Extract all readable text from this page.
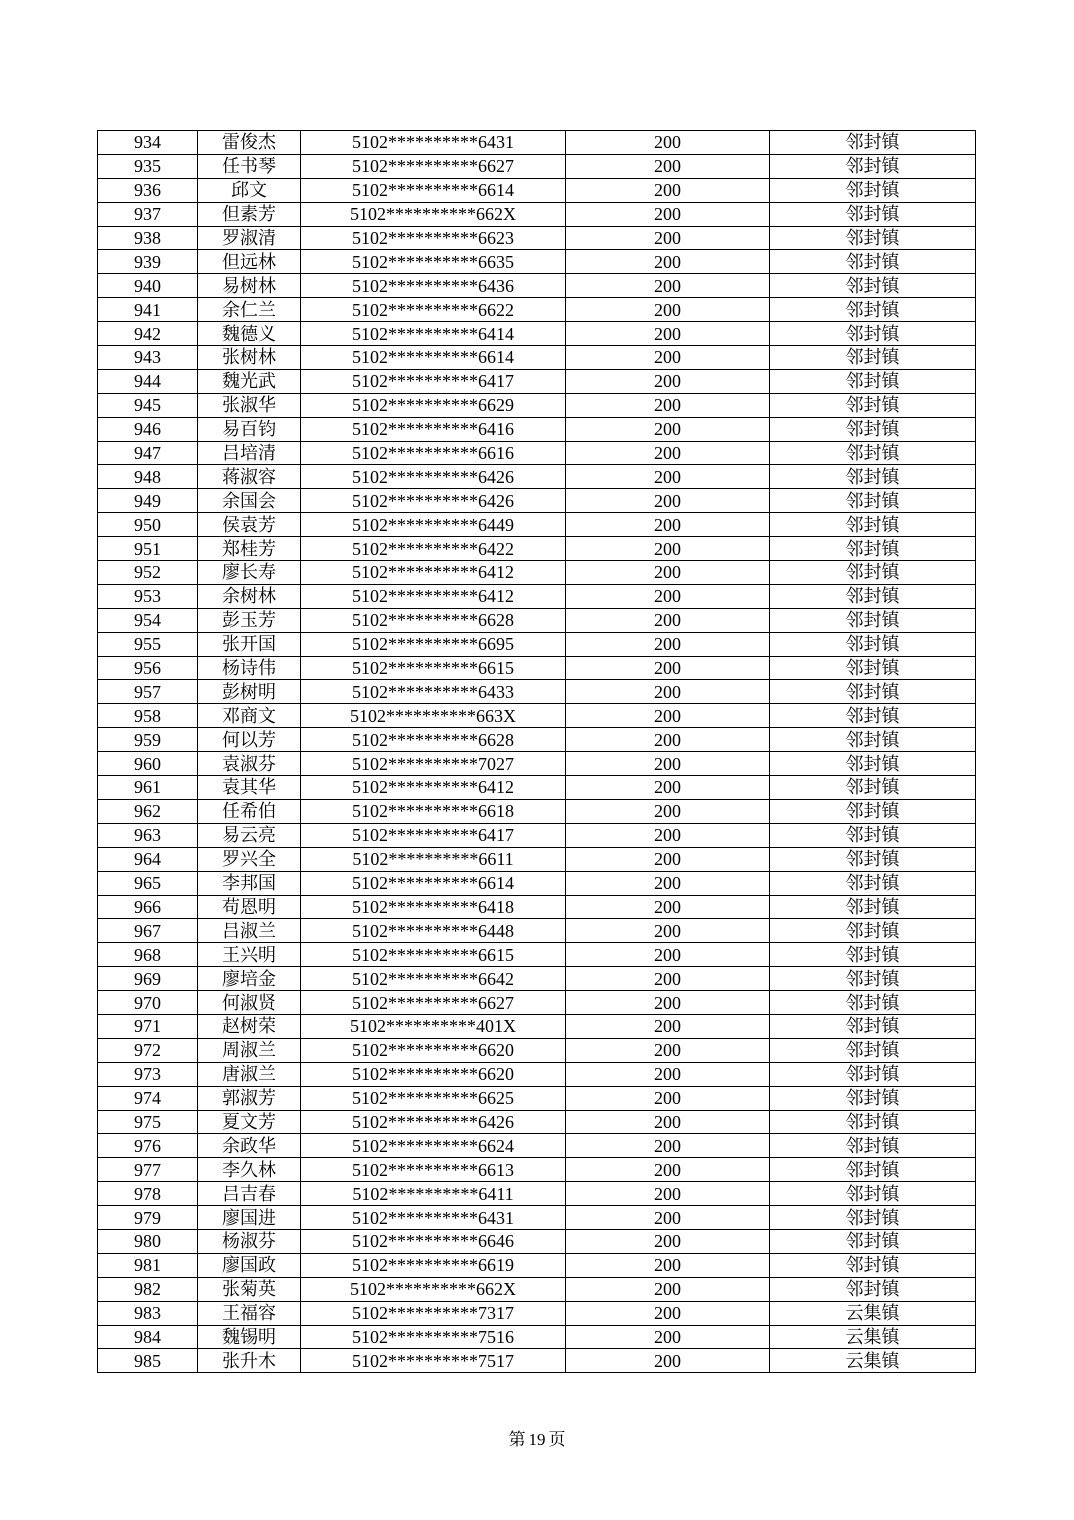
934	雷俊杰	5102**********6431	200	邻封镇
935	任书琴	5102**********6627	200	邻封镇
936	邱文	5102**********6614	200	邻封镇
937	但素芳	5102**********662X	200	邻封镇
938	罗淑清	5102**********6623	200	邻封镇
939	但远林	5102**********6635	200	邻封镇
940	易树林	5102**********6436	200	邻封镇
941	余仁兰	5102**********6622	200	邻封镇
942	魏德义	5102**********6414	200	邻封镇
943	张树林	5102**********6614	200	邻封镇
944	魏光武	5102**********6417	200	邻封镇
945	张淑华	5102**********6629	200	邻封镇
946	易百钧	5102**********6416	200	邻封镇
947	吕培清	5102**********6616	200	邻封镇
948	蒋淑容	5102**********6426	200	邻封镇
949	余国会	5102**********6426	200	邻封镇
950	侯袁芳	5102**********6449	200	邻封镇
951	郑桂芳	5102**********6422	200	邻封镇
952	廖长寿	5102**********6412	200	邻封镇
953	余树林	5102**********6412	200	邻封镇
954	彭玉芳	5102**********6628	200	邻封镇
955	张开国	5102**********6695	200	邻封镇
956	杨诗伟	5102**********6615	200	邻封镇
957	彭树明	5102**********6433	200	邻封镇
958	邓商文	5102**********663X	200	邻封镇
959	何以芳	5102**********6628	200	邻封镇
960	袁淑芬	5102**********7027	200	邻封镇
961	袁其华	5102**********6412	200	邻封镇
962	任希伯	5102**********6618	200	邻封镇
963	易云亮	5102**********6417	200	邻封镇
964	罗兴全	5102**********6611	200	邻封镇
965	李邦国	5102**********6614	200	邻封镇
966	苟恩明	5102**********6418	200	邻封镇
967	吕淑兰	5102**********6448	200	邻封镇
968	王兴明	5102**********6615	200	邻封镇
969	廖培金	5102**********6642	200	邻封镇
970	何淑贤	5102**********6627	200	邻封镇
971	赵树荣	5102**********401X	200	邻封镇
972	周淑兰	5102**********6620	200	邻封镇
973	唐淑兰	5102**********6620	200	邻封镇
974	郭淑芳	5102**********6625	200	邻封镇
975	夏文芳	5102**********6426	200	邻封镇
976	余政华	5102**********6624	200	邻封镇
977	李久林	5102**********6613	200	邻封镇
978	吕吉春	5102**********6411	200	邻封镇
979	廖国进	5102**********6431	200	邻封镇
980	杨淑芬	5102**********6646	200	邻封镇
981	廖国政	5102**********6619	200	邻封镇
982	张菊英	5102**********662X	200	邻封镇
983	王福容	5102**********7317	200	云集镇
984	魏锡明	5102**********7516	200	云集镇
985	张升木	5102**********7517	200	云集镇
第 19 页
